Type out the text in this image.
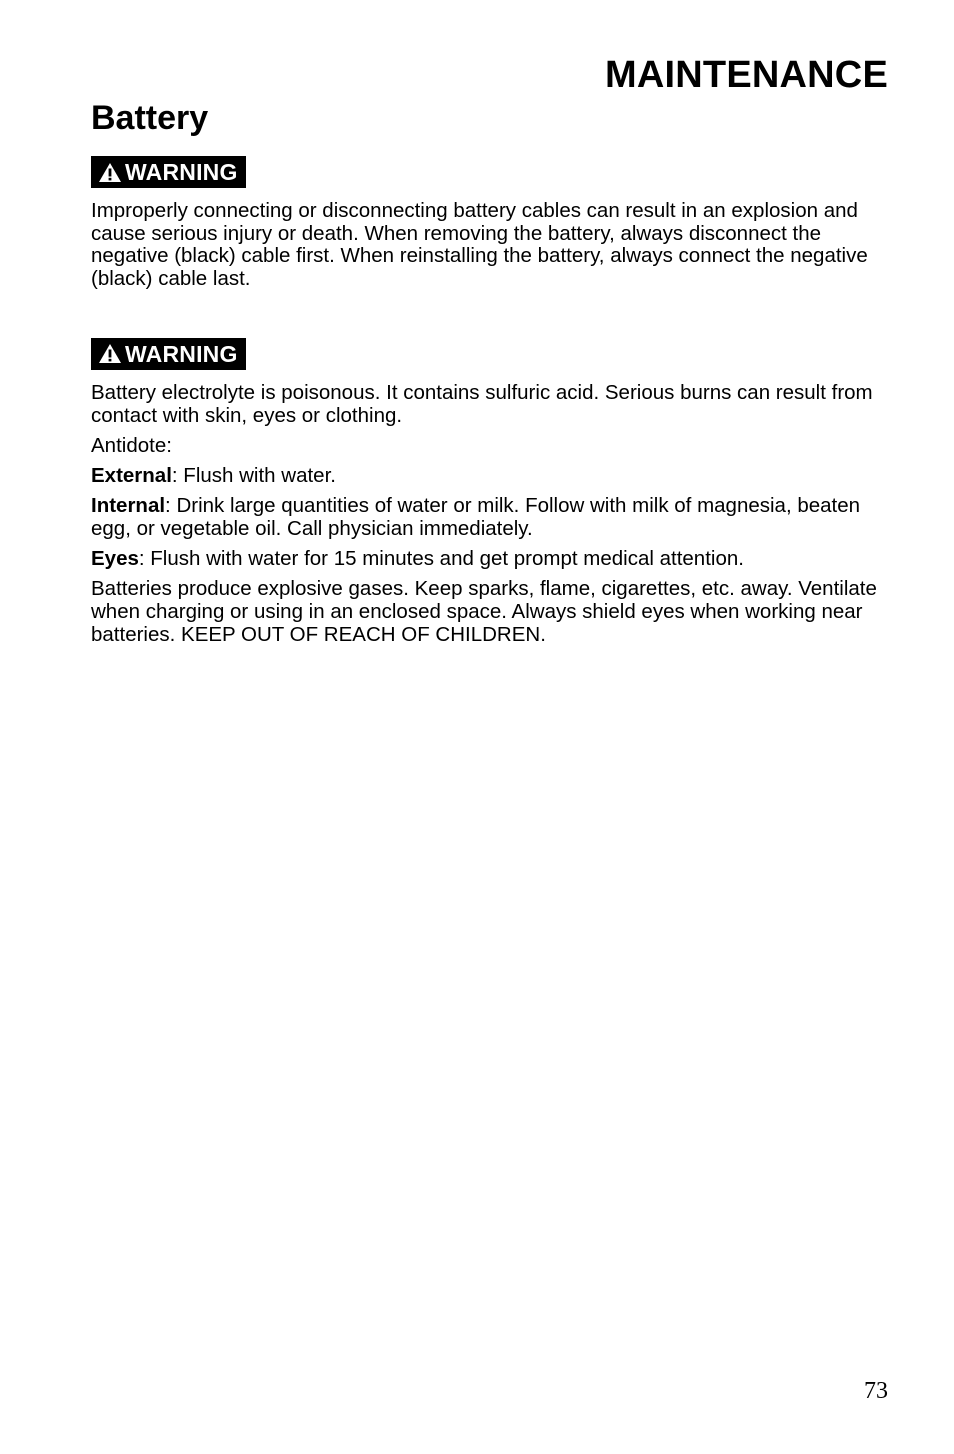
MAINTENANCE
Battery
WARNING

Improperly connecting or disconnecting battery cables can result in an explosion and cause serious injury or death. When removing the battery, always disconnect the negative (black) cable first. When reinstalling the battery, always connect the negative (black) cable last.

WARNING

Battery electrolyte is poisonous. It contains sulfuric acid. Serious burns can result from contact with skin, eyes or clothing.

Antidote:

External: Flush with water.

Internal: Drink large quantities of water or milk. Follow with milk of magnesia, beaten egg, or vegetable oil. Call physician immediately.

Eyes: Flush with water for 15 minutes and get prompt medical attention.

Batteries produce explosive gases. Keep sparks, flame, cigarettes, etc. away. Ventilate when charging or using in an enclosed space. Always shield eyes when working near batteries. KEEP OUT OF REACH OF CHILDREN.

73
